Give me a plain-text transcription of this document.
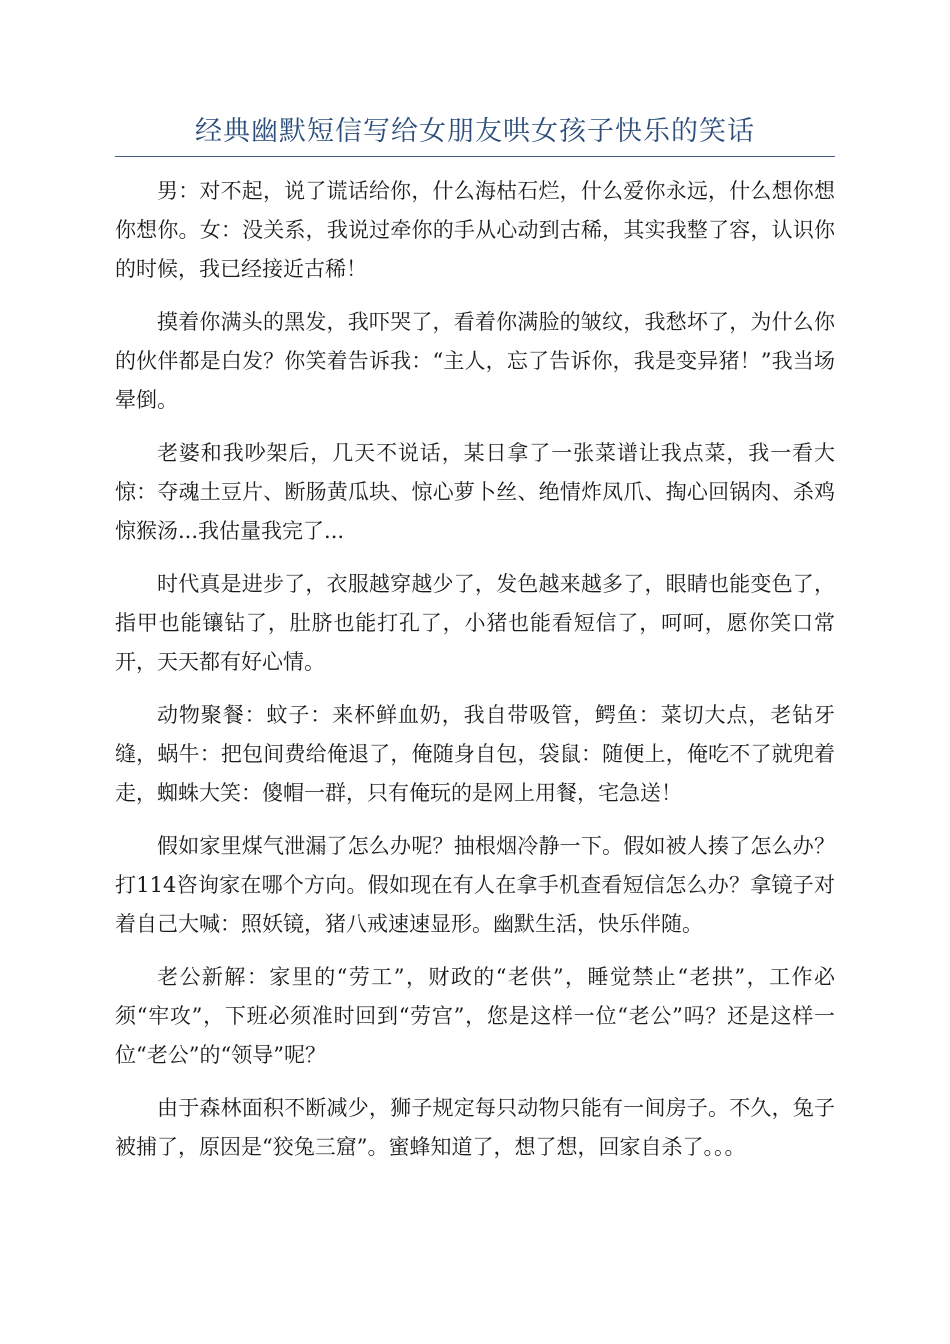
经典幽默短信写给女朋友哄女孩子快乐的笑话

男：对不起，说了谎话给你，什么海枯石烂，什么爱你永远，什么想你想你想你。女：没关系，我说过牵你的手从心动到古稀，其实我整了容，认识你的时候，我已经接近古稀！

摸着你满头的黑发，我吓哭了，看着你满脸的皱纹，我愁坏了，为什么你的伙伴都是白发？你笑着告诉我：“主人，忘了告诉你，我是变异猪！”我当场晕倒。

老婆和我吵架后，几天不说话，某日拿了一张菜谱让我点菜，我一看大惊：夺魂土豆片、断肠黄瓜块、惊心萝卜丝、绝情炸凤爪、掏心回锅肉、杀鸡惊猴汤...我估量我完了...

时代真是进步了，衣服越穿越少了，发色越来越多了，眼睛也能变色了，指甲也能镶钻了，肚脐也能打孔了，小猪也能看短信了，呵呵，愿你笑口常开，天天都有好心情。

动物聚餐：蚊子：来杯鲜血奶，我自带吸管，鳄鱼：菜切大点，老钻牙缝，蜗牛：把包间费给俺退了，俺随身自包，袋鼠：随便上，俺吃不了就兜着走，蜘蛛大笑：傻帽一群，只有俺玩的是网上用餐，宅急送！

假如家里煤气泄漏了怎么办呢？抽根烟冷静一下。假如被人揍了怎么办？打114咨询家在哪个方向。假如现在有人在拿手机查看短信怎么办？拿镜子对着自己大喊：照妖镜，猪八戒速速显形。幽默生活，快乐伴随。

老公新解：家里的“劳工”，财政的“老供”，睡觉禁止“老拱”，工作必须“牢攻”，下班必须准时回到“劳宫”，您是这样一位“老公”吗？还是这样一位“老公”的“领导”呢？

由于森林面积不断减少，狮子规定每只动物只能有一间房子。不久，兔子被捕了，原因是“狡兔三窟”。蜜蜂知道了，想了想，回家自杀了。。。
